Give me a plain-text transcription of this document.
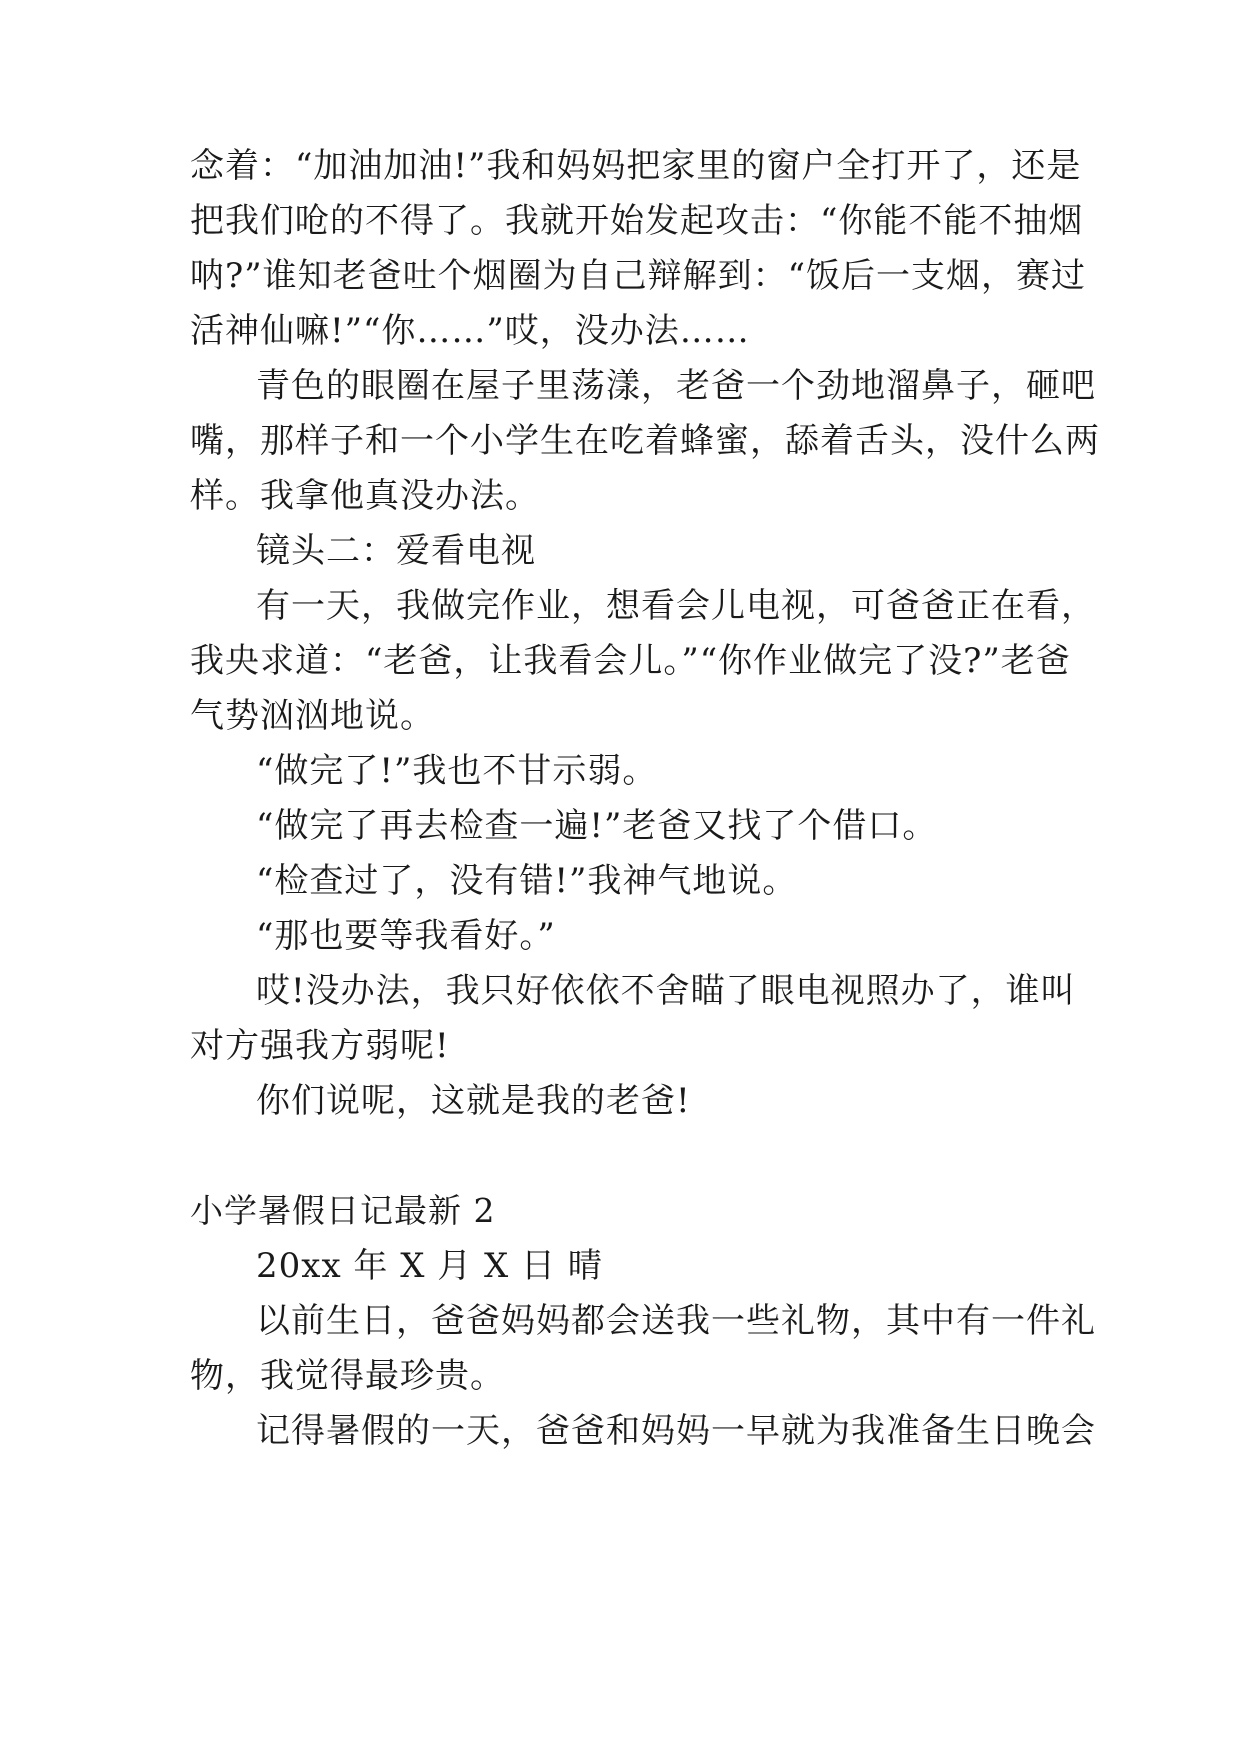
念着：“加油加油!”我和妈妈把家里的窗户全打开了，还是
把我们呛的不得了。我就开始发起攻击：“你能不能不抽烟
呐?”谁知老爸吐个烟圈为自己辩解到：“饭后一支烟，赛过
活神仙嘛!”“你……”哎，没办法……
青色的眼圈在屋子里荡漾，老爸一个劲地溜鼻子，砸吧
嘴，那样子和一个小学生在吃着蜂蜜，舔着舌头，没什么两
样。我拿他真没办法。
镜头二：爱看电视
有一天，我做完作业，想看会儿电视，可爸爸正在看，
我央求道：“老爸，让我看会儿。”“你作业做完了没?”老爸
气势汹汹地说。
“做完了!”我也不甘示弱。
“做完了再去检查一遍!”老爸又找了个借口。
“检查过了，没有错!”我神气地说。
“那也要等我看好。”
哎!没办法，我只好依依不舍瞄了眼电视照办了，谁叫
对方强我方弱呢!
你们说呢，这就是我的老爸!
小学暑假日记最新 2
20xx 年 X 月 X 日 晴
以前生日，爸爸妈妈都会送我一些礼物，其中有一件礼
物，我觉得最珍贵。
记得暑假的一天，爸爸和妈妈一早就为我准备生日晚会
